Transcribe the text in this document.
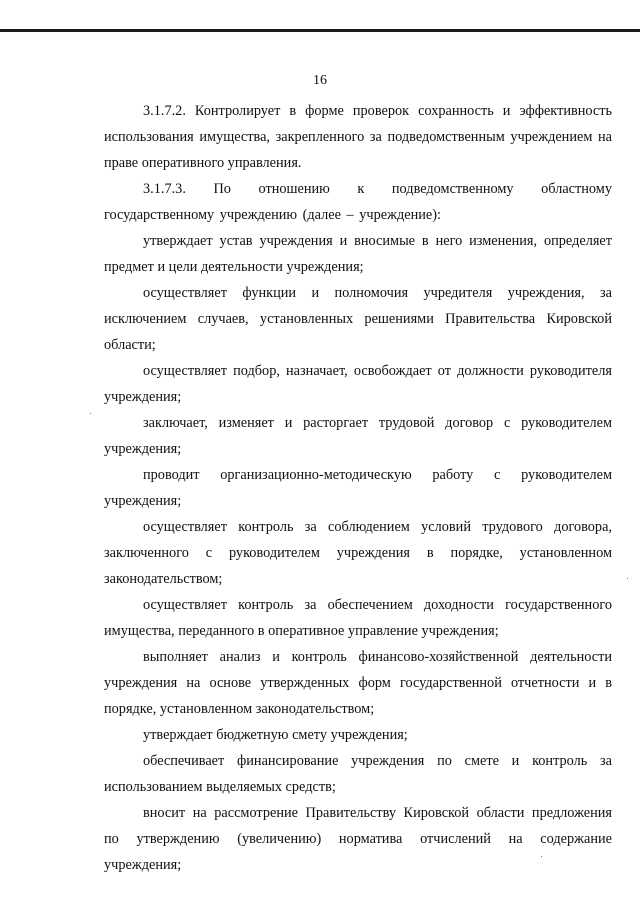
16

3.1.7.2. Контролирует в форме проверок сохранность и эффективность использования имущества, закрепленного за подведомственным учреждением на праве оперативного управления.

3.1.7.3. По отношению к подведомственному областному государственному учреждению (далее – учреждение):

утверждает устав учреждения и вносимые в него изменения, определяет предмет и цели деятельности учреждения;

осуществляет функции и полномочия учредителя учреждения, за исключением случаев, установленных решениями Правительства Кировской области;

осуществляет подбор, назначает, освобождает от должности руководителя учреждения;

заключает, изменяет и расторгает трудовой договор с руководителем учреждения;

проводит организационно-методическую работу с руководителем учреждения;

осуществляет контроль за соблюдением условий трудового договора, заключенного с руководителем учреждения в порядке, установленном законодательством;

осуществляет контроль за обеспечением доходности государственного имущества, переданного в оперативное управление учреждения;

выполняет анализ и контроль финансово-хозяйственной деятельности учреждения на основе утвержденных форм государственной отчетности и в порядке, установленном законодательством;

утверждает бюджетную смету учреждения;

обеспечивает финансирование учреждения по смете и контроль за использованием выделяемых средств;

вносит на рассмотрение Правительству Кировской области предложения по утверждению (увеличению) норматива отчислений на содержание учреждения;
